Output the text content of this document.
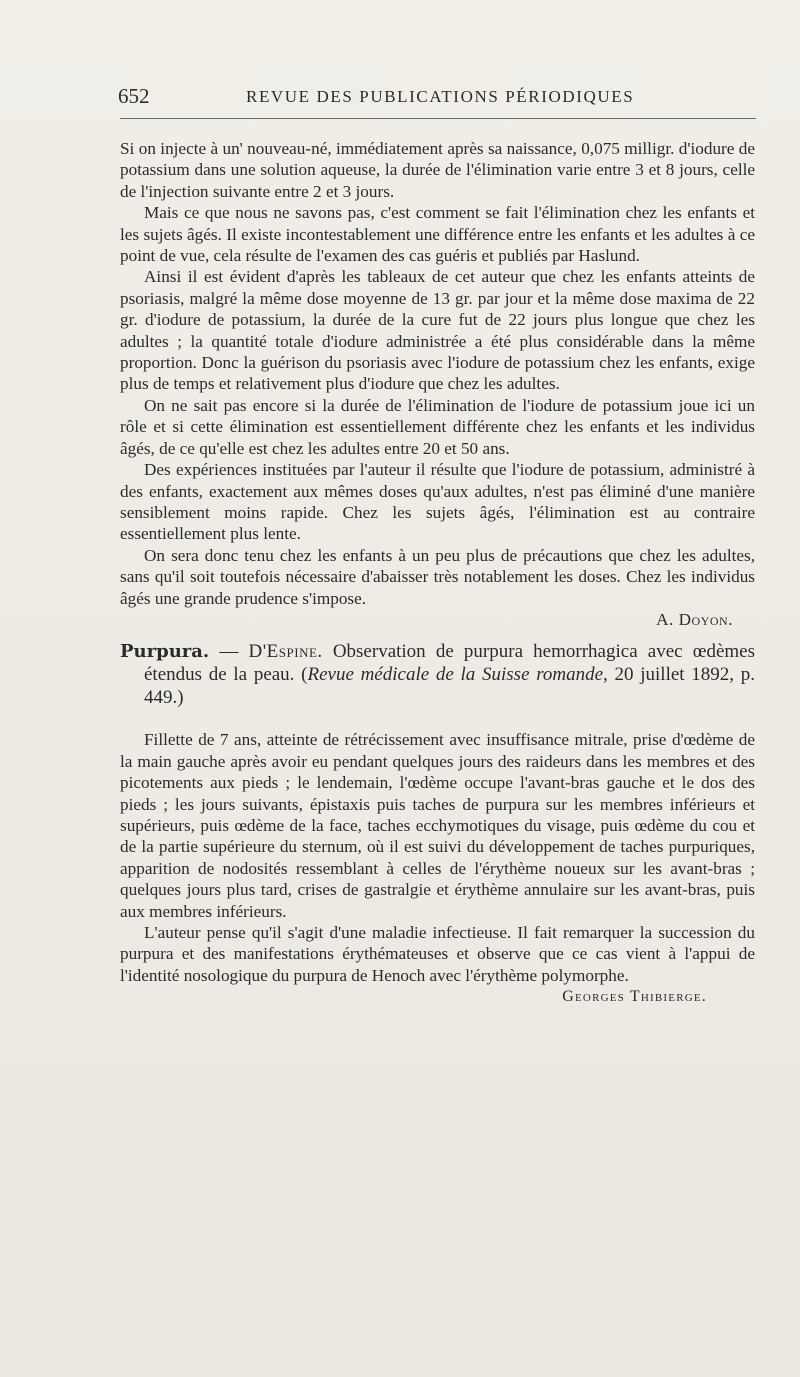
652	REVUE DES PUBLICATIONS PÉRIODIQUES

Si on injecte à un' nouveau-né, immédiatement après sa naissance, 0,075 milligr. d'iodure de potassium dans une solution aqueuse, la durée de l'élimination varie entre 3 et 8 jours, celle de l'injection suivante entre 2 et 3 jours.

Mais ce que nous ne savons pas, c'est comment se fait l'élimination chez les enfants et les sujets âgés. Il existe incontestablement une différence entre les enfants et les adultes à ce point de vue, cela résulte de l'examen des cas guéris et publiés par Haslund.

Ainsi il est évident d'après les tableaux de cet auteur que chez les enfants atteints de psoriasis, malgré la même dose moyenne de 13 gr. par jour et la même dose maxima de 22 gr. d'iodure de potassium, la durée de la cure fut de 22 jours plus longue que chez les adultes ; la quantité totale d'iodure administrée a été plus considérable dans la même proportion. Donc la guérison du psoriasis avec l'iodure de potassium chez les enfants, exige plus de temps et relativement plus d'iodure que chez les adultes.

On ne sait pas encore si la durée de l'élimination de l'iodure de potassium joue ici un rôle et si cette élimination est essentiellement différente chez les enfants et les individus âgés, de ce qu'elle est chez les adultes entre 20 et 50 ans.

Des expériences instituées par l'auteur il résulte que l'iodure de potassium, administré à des enfants, exactement aux mêmes doses qu'aux adultes, n'est pas éliminé d'une manière sensiblement moins rapide. Chez les sujets âgés, l'élimination est au contraire essentiellement plus lente.

On sera donc tenu chez les enfants à un peu plus de précautions que chez les adultes, sans qu'il soit toutefois nécessaire d'abaisser très notablement les doses. Chez les individus âgés une grande prudence s'impose.

A. Doyon.

Purpura. — D'Espine. Observation de purpura hemorrhagica avec œdèmes étendus de la peau. (Revue médicale de la Suisse romande, 20 juillet 1892, p. 449.)

Fillette de 7 ans, atteinte de rétrécissement avec insuffisance mitrale, prise d'œdème de la main gauche après avoir eu pendant quelques jours des raideurs dans les membres et des picotements aux pieds ; le lendemain, l'œdème occupe l'avant-bras gauche et le dos des pieds ; les jours suivants, épistaxis puis taches de purpura sur les membres inférieurs et supérieurs, puis œdème de la face, taches ecchymotiques du visage, puis œdème du cou et de la partie supérieure du sternum, où il est suivi du développement de taches purpuriques, apparition de nodosités ressemblant à celles de l'érythème noueux sur les avant-bras ; quelques jours plus tard, crises de gastralgie et érythème annulaire sur les avant-bras, puis aux membres inférieurs.

L'auteur pense qu'il s'agit d'une maladie infectieuse. Il fait remarquer la succession du purpura et des manifestations érythémateuses et observe que ce cas vient à l'appui de l'identité nosologique du purpura de Henoch avec l'érythème polymorphe.

Georges Thibierge.
